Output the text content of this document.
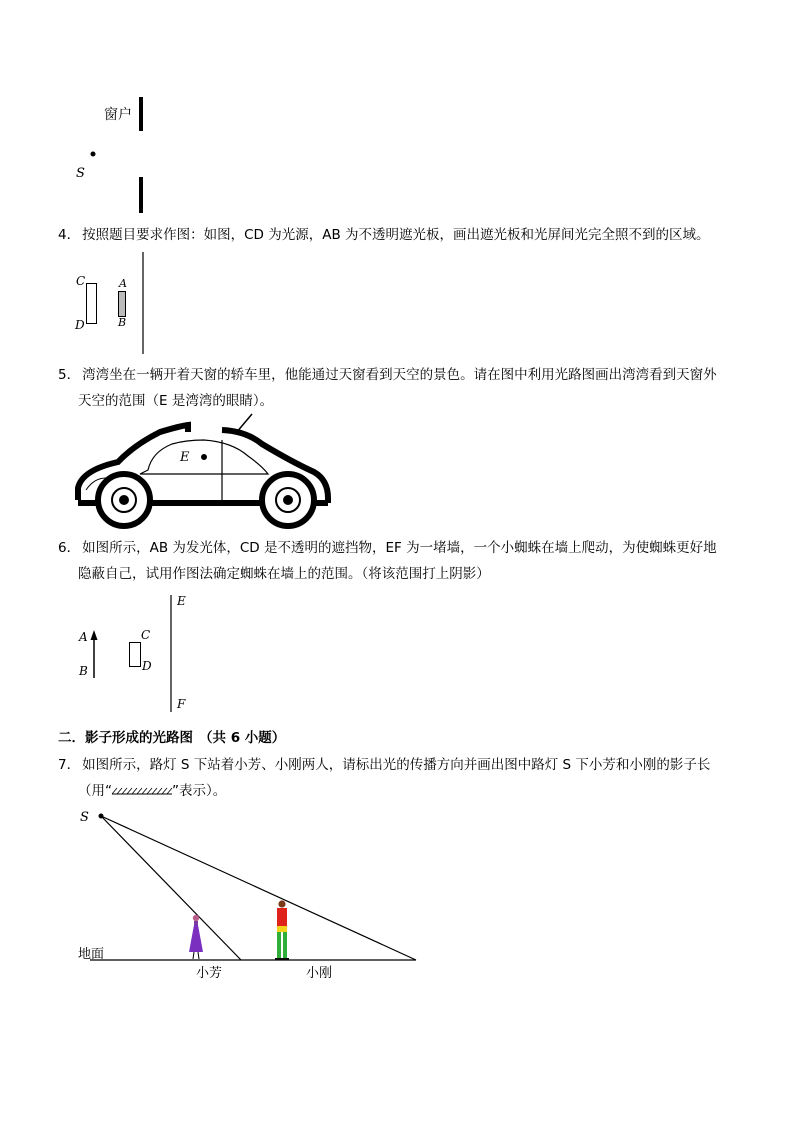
窗户
S
4． 按照题目要求作图：如图，CD 为光源，AB 为不透明遮光板，画出遮光板和光屏间光完全照不到的区域。
C
D
A
B
5． 湾湾坐在一辆开着天窗的轿车里，他能通过天窗看到天空的景色。请在图中利用光路图画出湾湾看到天窗外
天空的范围（E 是湾湾的眼睛）。
E
6． 如图所示，AB 为发光体，CD 是不透明的遮挡物，EF 为一堵墙，一个小蜘蛛在墙上爬动，为使蜘蛛更好地
隐蔽自己，试用作图法确定蜘蛛在墙上的范围。（将该范围打上阴影）
E
F
A
B
C
D
二．影子形成的光路图 （共 6 小题）
7． 如图所示，路灯 S 下站着小芳、小刚两人，请标出光的传播方向并画出图中路灯 S 下小芳和小刚的影子长
（用“	”表示）。
S
地面
小芳	小刚
